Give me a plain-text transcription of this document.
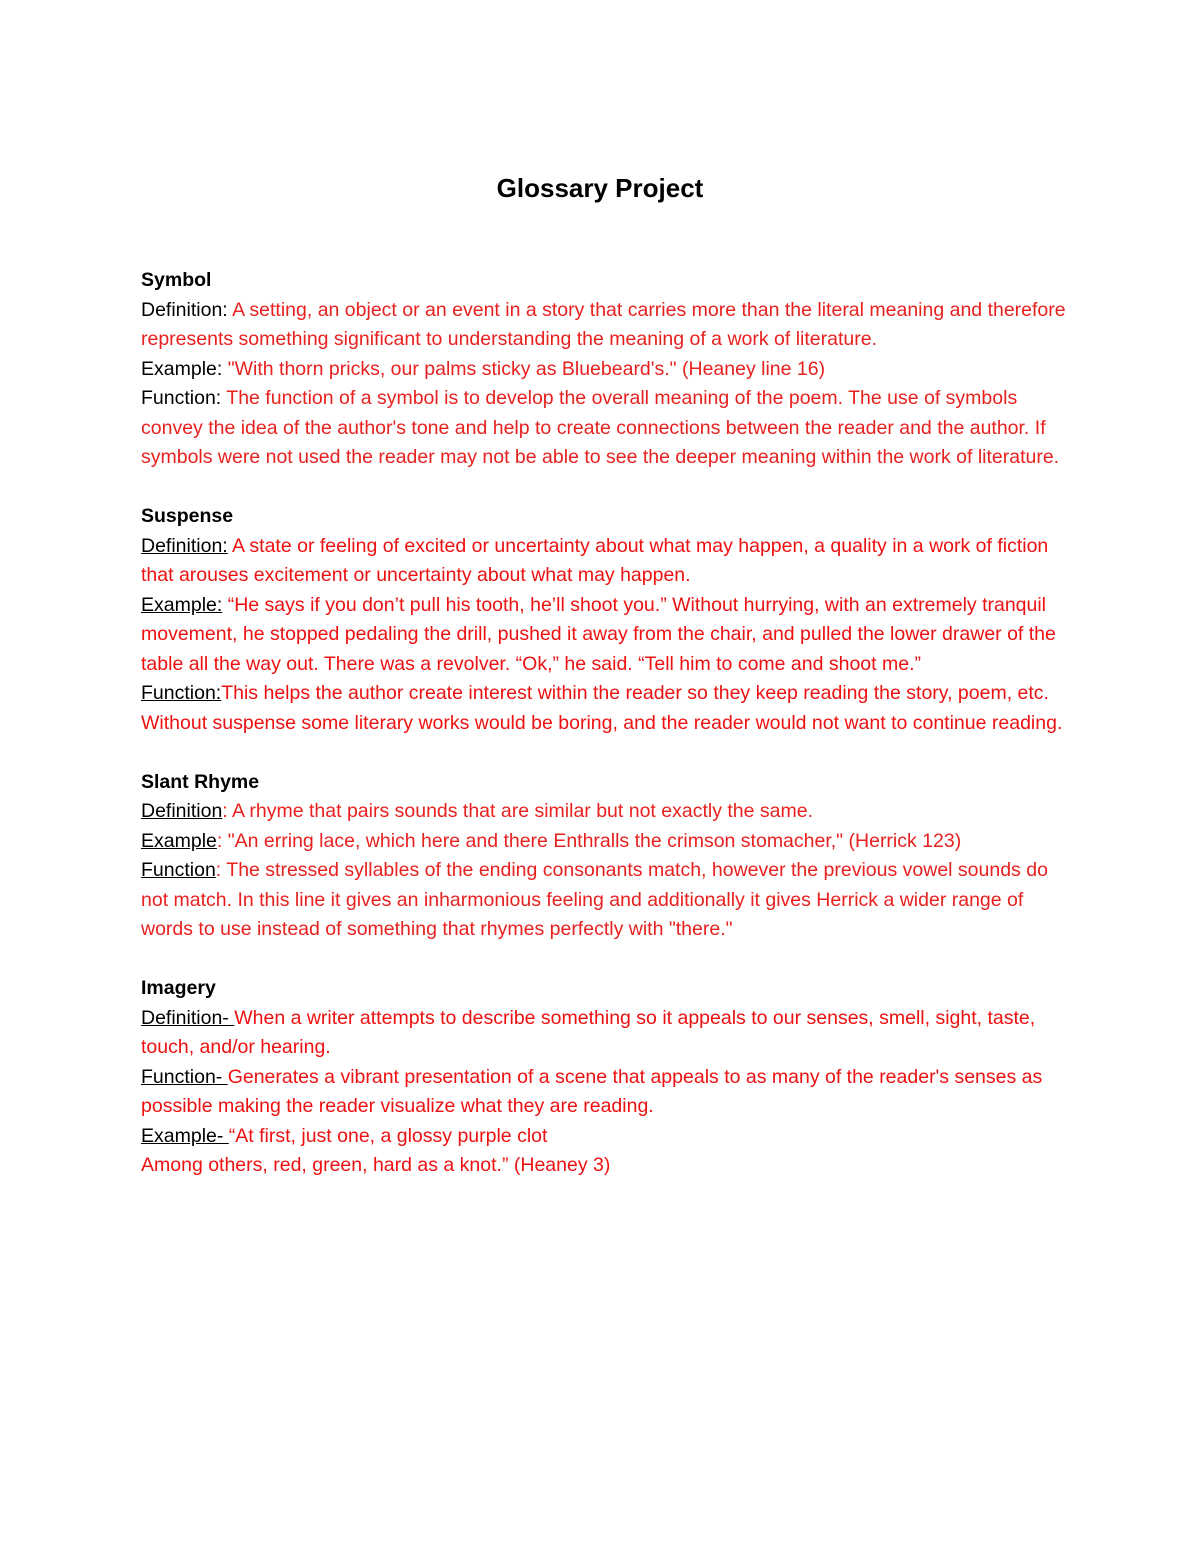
Glossary Project
Symbol
Definition: A setting, an object or an event in a story that carries more than the literal meaning and therefore represents something significant to understanding the meaning of a work of literature.
Example: "With thorn pricks, our palms sticky as Bluebeard's." (Heaney line 16)
Function: The function of a symbol is to develop the overall meaning of the poem. The use of symbols convey the idea of the author's tone and help to create connections between the reader and the author. If symbols were not used the reader may not be able to see the deeper meaning within the work of literature.
Suspense
Definition: A state or feeling of excited or uncertainty about what may happen, a quality in a work of fiction that arouses excitement or uncertainty about what may happen.
Example: “He says if you don’t pull his tooth, he’ll shoot you.” Without hurrying, with an extremely tranquil movement, he stopped pedaling the drill, pushed it away from the chair, and pulled the lower drawer of the table all the way out. There was a revolver. “Ok,” he said. “Tell him to come and shoot me.”
Function:This helps the author create interest within the reader so they keep reading the story, poem, etc. Without suspense some literary works would be boring, and the reader would not want to continue reading.
Slant Rhyme
Definition: A rhyme that pairs sounds that are similar but not exactly the same.
Example: "An erring lace, which here and there Enthralls the crimson stomacher," (Herrick 123)
Function: The stressed syllables of the ending consonants match, however the previous vowel sounds do not match. In this line it gives an inharmonious feeling and additionally it gives Herrick a wider range of words to use instead of something that rhymes perfectly with "there."
Imagery
Definition- When a writer attempts to describe something so it appeals to our senses, smell, sight, taste, touch, and/or hearing.
Function- Generates a vibrant presentation of a scene that appeals to as many of the reader's senses as possible making the reader visualize what they are reading.
Example- “At first, just one, a glossy purple clot
Among others, red, green, hard as a knot.” (Heaney 3)
